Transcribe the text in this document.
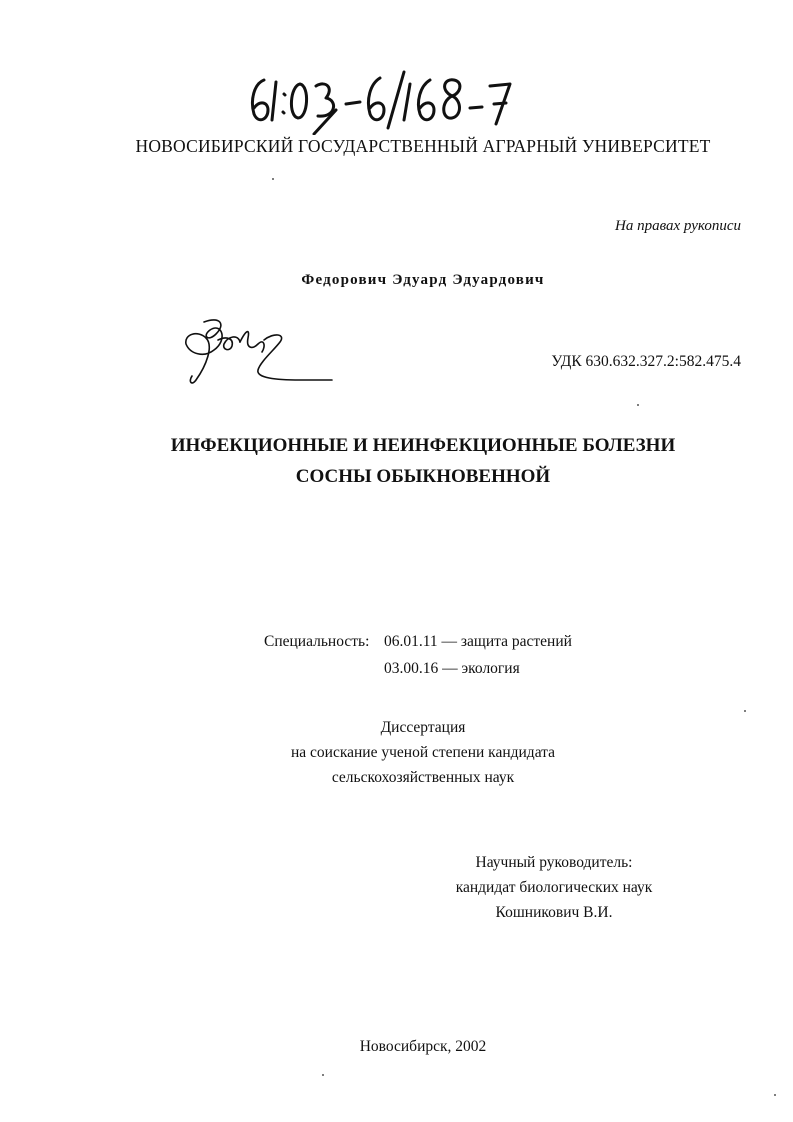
НОВОСИБИРСКИЙ ГОСУДАРСТВЕННЫЙ АГРАРНЫЙ УНИВЕРСИТЕТ
На правах рукописи
Федорович Эдуард Эдуардович
УДК 630.632.327.2:582.475.4
ИНФЕКЦИОННЫЕ И НЕИНФЕКЦИОННЫЕ БОЛЕЗНИ
СОСНЫ ОБЫКНОВЕННОЙ
Специальность: 06.01.11 — защита растений
03.00.16 — экология
Диссертация
на соискание ученой степени кандидата
сельскохозяйственных наук
Научный руководитель:
кандидат биологических наук
Кошникович В.И.
Новосибирск, 2002
